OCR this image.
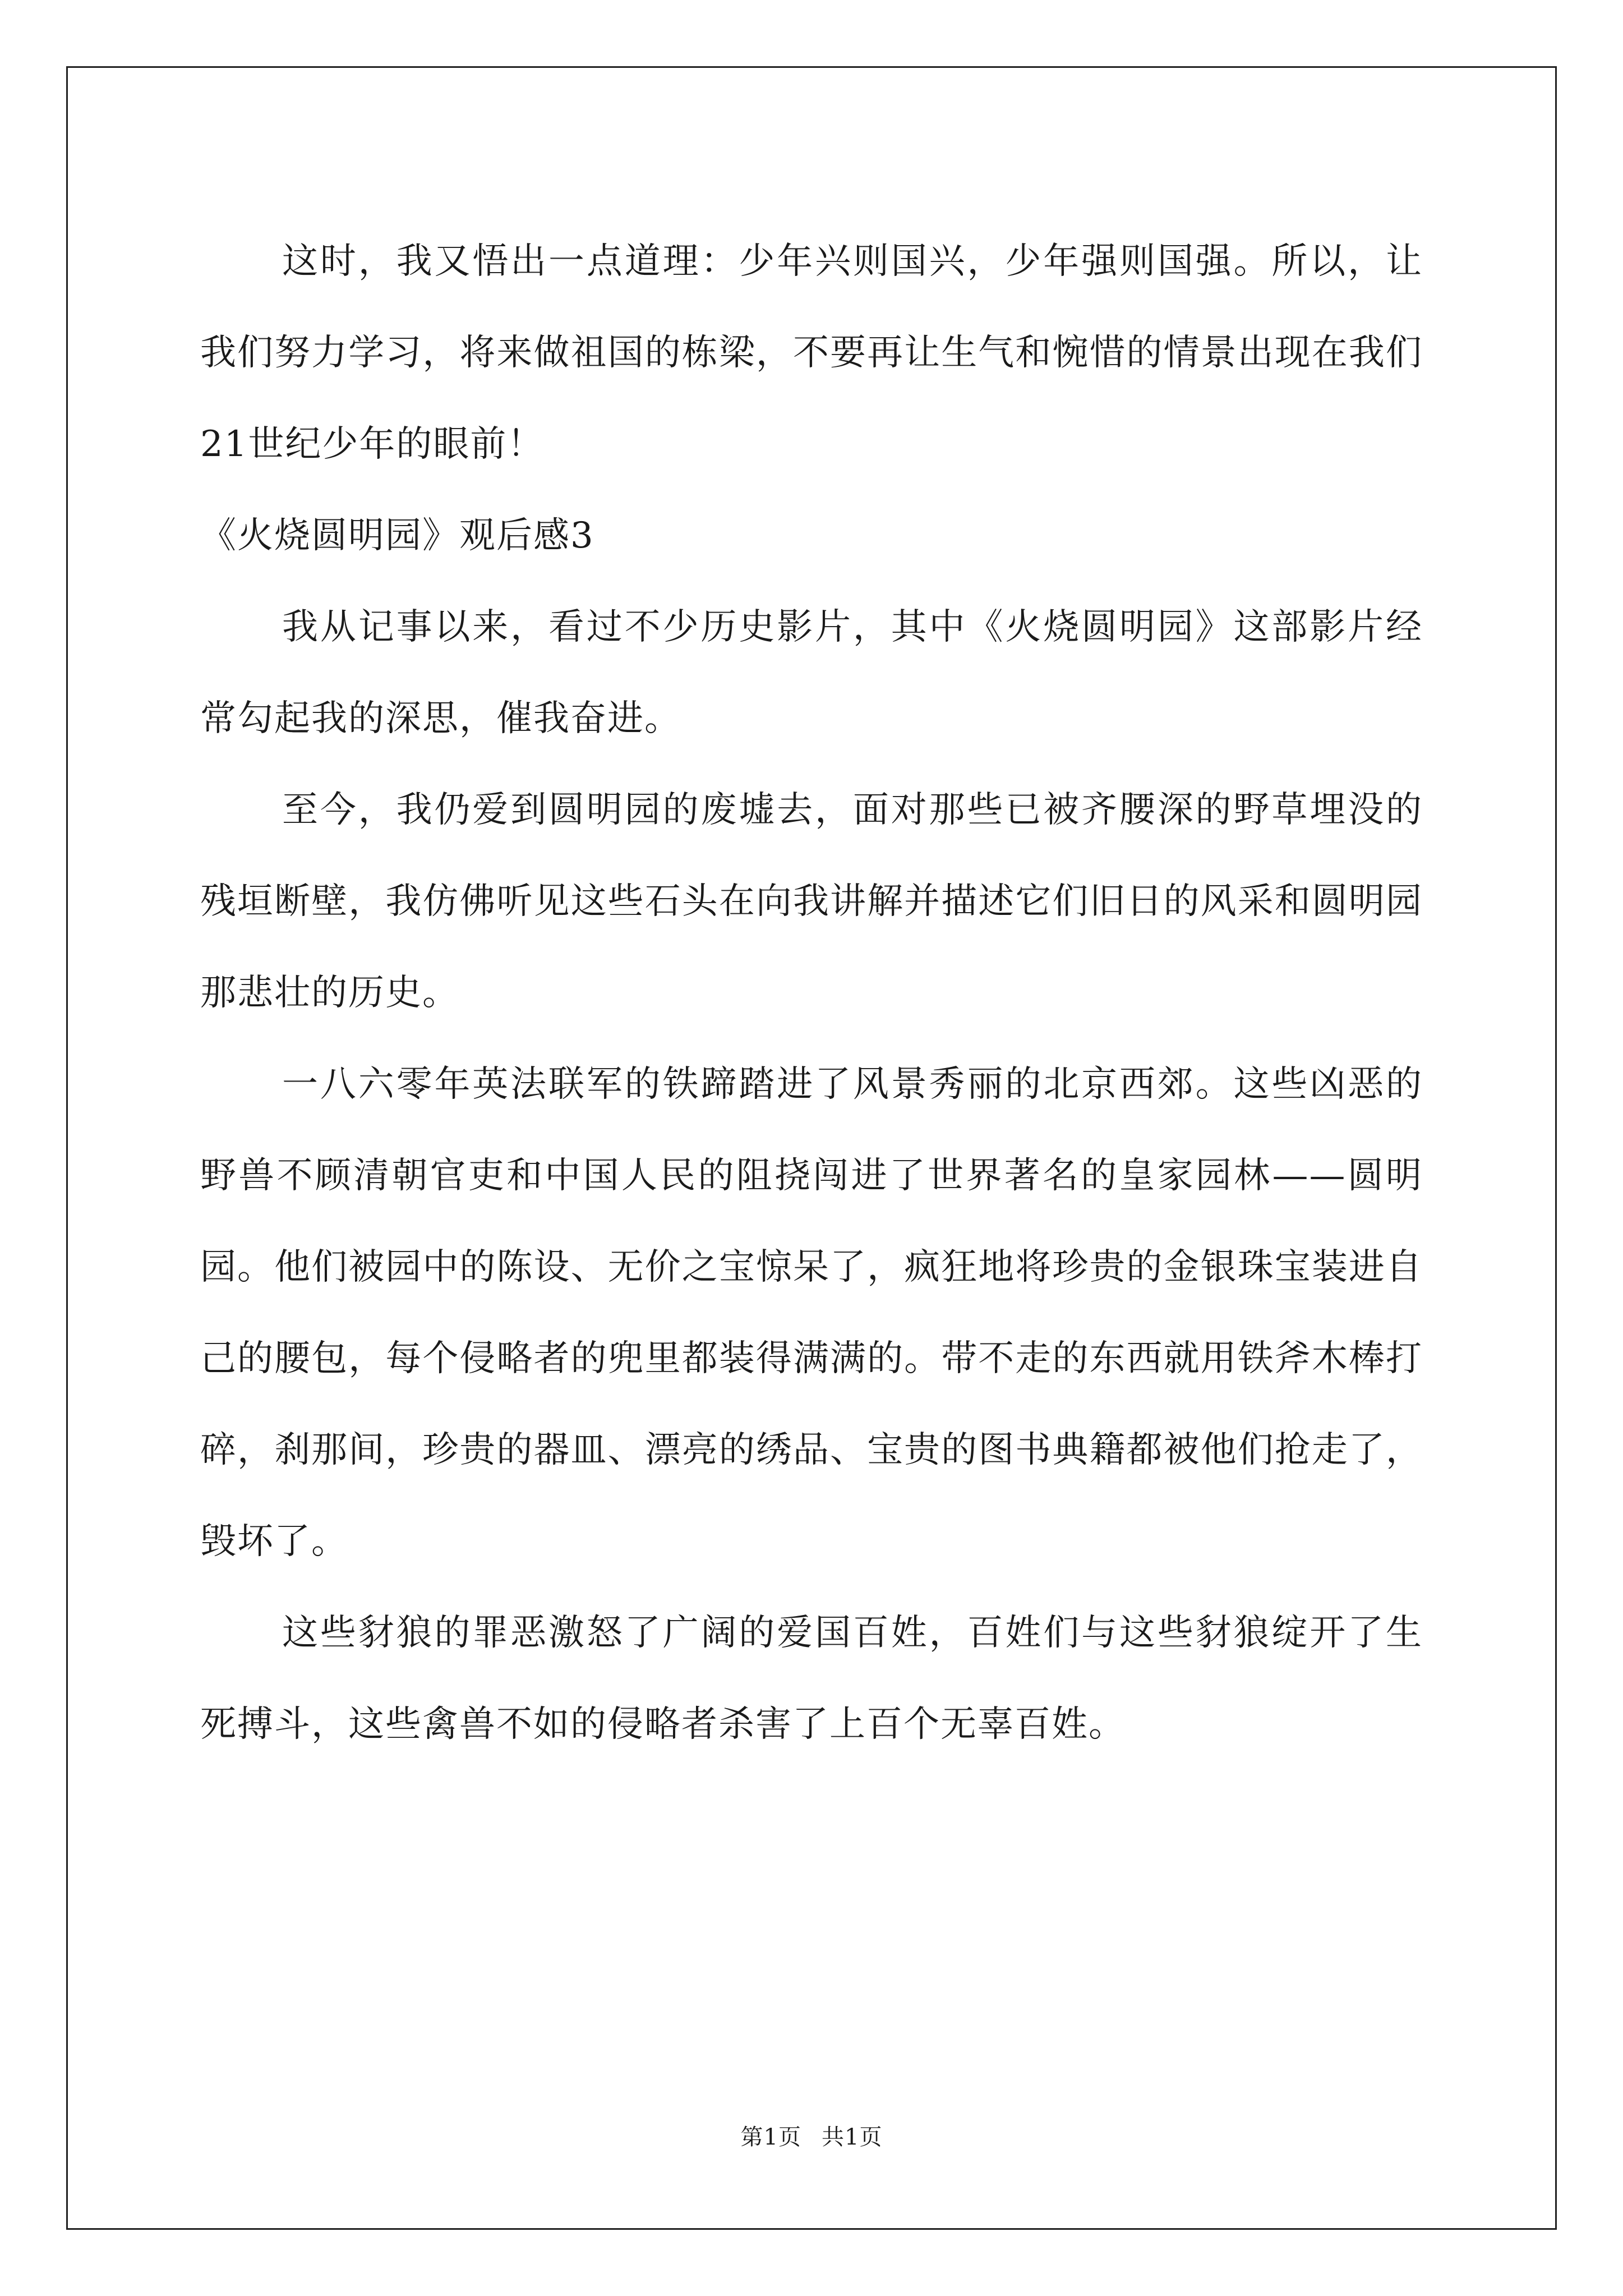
这时，我又悟出一点道理：少年兴则国兴，少年强则国强。所以，让我们努力学习，将来做祖国的栋梁，不要再让生气和惋惜的情景出现在我们21世纪少年的眼前！

《火烧圆明园》观后感3

我从记事以来，看过不少历史影片，其中《火烧圆明园》这部影片经常勾起我的深思，催我奋进。

至今，我仍爱到圆明园的废墟去，面对那些已被齐腰深的野草埋没的残垣断壁，我仿佛听见这些石头在向我讲解并描述它们旧日的风采和圆明园那悲壮的历史。

一八六零年英法联军的铁蹄踏进了风景秀丽的北京西郊。这些凶恶的野兽不顾清朝官吏和中国人民的阻挠闯进了世界著名的皇家园林——圆明园。他们被园中的陈设、无价之宝惊呆了，疯狂地将珍贵的金银珠宝装进自己的腰包，每个侵略者的兜里都装得满满的。带不走的东西就用铁斧木棒打碎，刹那间，珍贵的器皿、漂亮的绣品、宝贵的图书典籍都被他们抢走了，毁坏了。

这些豺狼的罪恶激怒了广阔的爱国百姓，百姓们与这些豺狼绽开了生死搏斗，这些禽兽不如的侵略者杀害了上百个无辜百姓。

第1页 共1页
